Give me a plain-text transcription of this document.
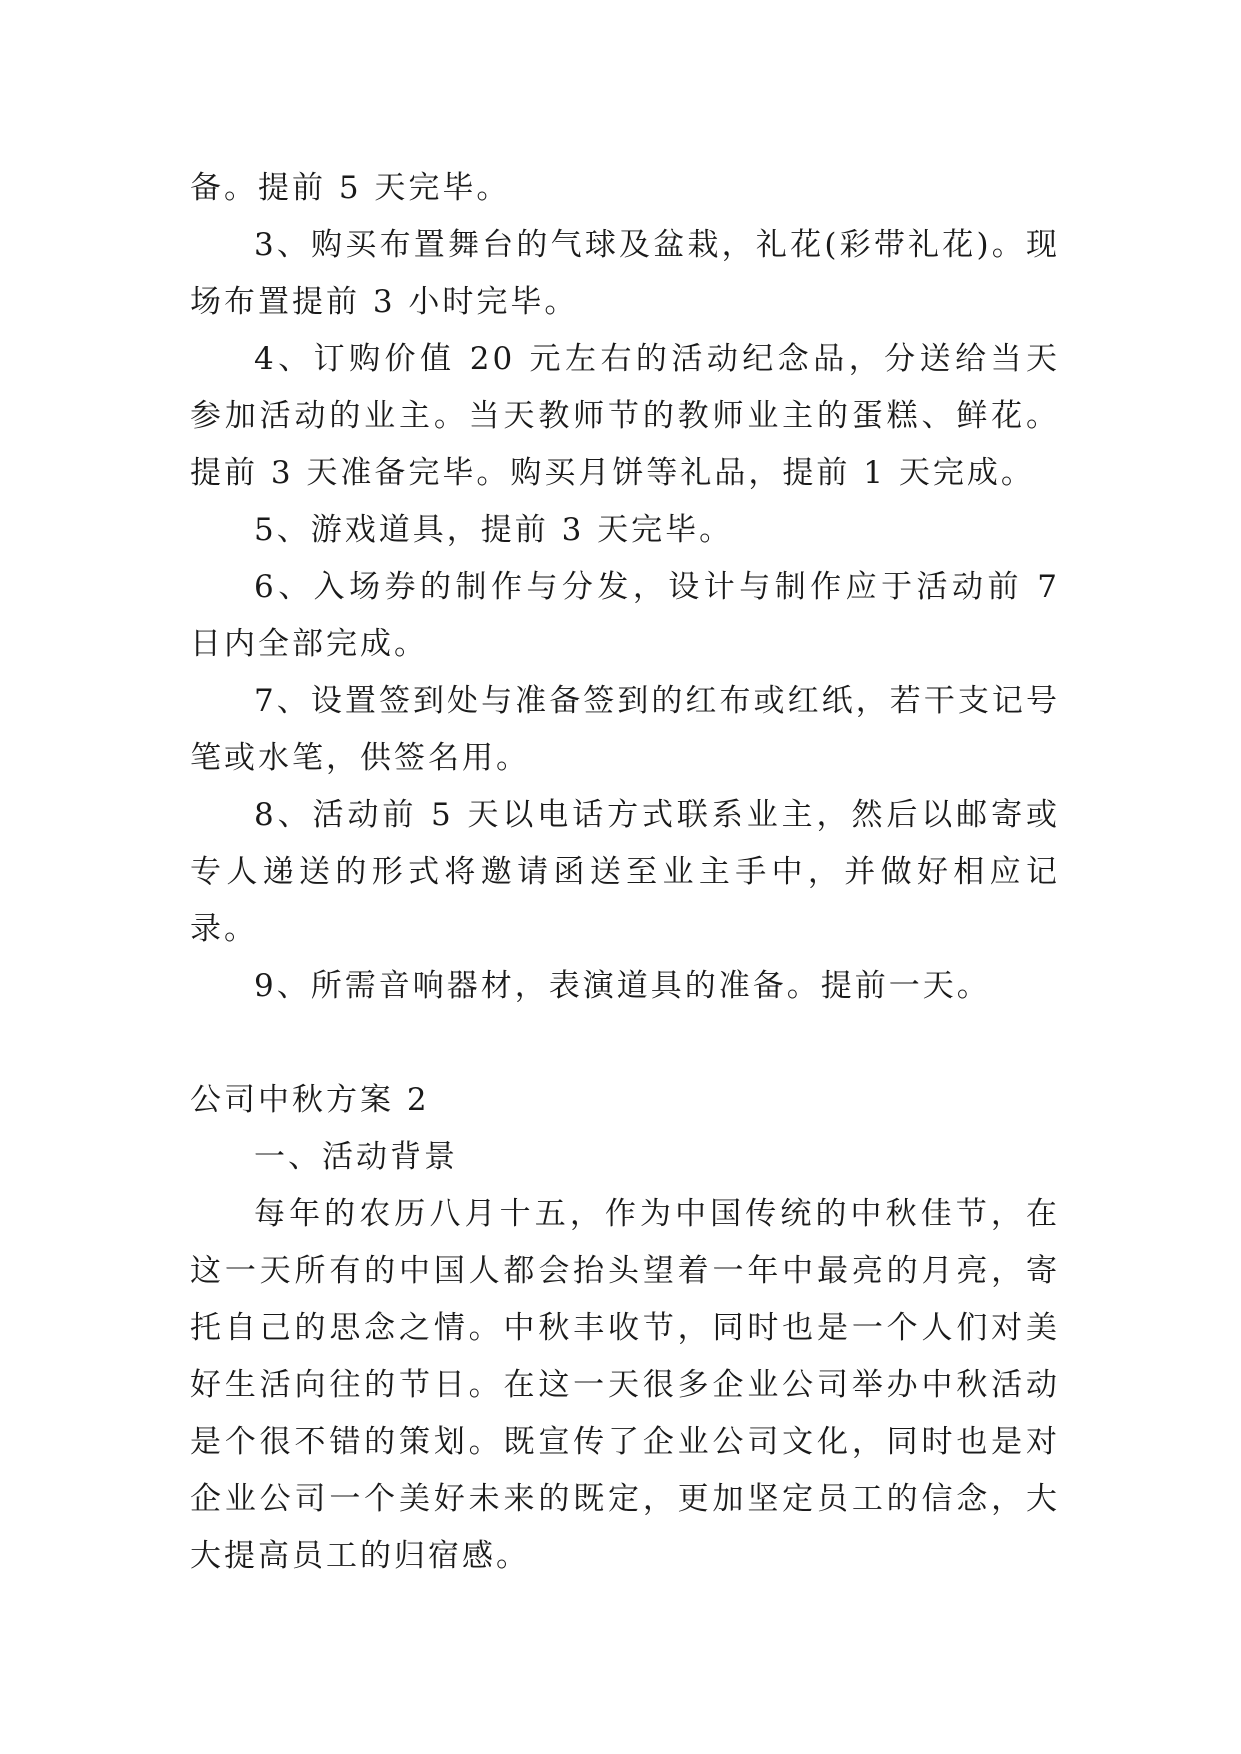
备。提前 5 天完毕。

3、购买布置舞台的气球及盆栽，礼花(彩带礼花)。现场布置提前 3 小时完毕。

4、订购价值 20 元左右的活动纪念品，分送给当天参加活动的业主。当天教师节的教师业主的蛋糕、鲜花。提前 3 天准备完毕。购买月饼等礼品，提前 1 天完成。

5、游戏道具，提前 3 天完毕。

6、入场券的制作与分发，设计与制作应于活动前 7 日内全部完成。

7、设置签到处与准备签到的红布或红纸，若干支记号笔或水笔，供签名用。

8、活动前 5 天以电话方式联系业主，然后以邮寄或专人递送的形式将邀请函送至业主手中，并做好相应记录。

9、所需音响器材，表演道具的准备。提前一天。

公司中秋方案 2

一、活动背景

每年的农历八月十五，作为中国传统的中秋佳节，在这一天所有的中国人都会抬头望着一年中最亮的月亮，寄托自己的思念之情。中秋丰收节，同时也是一个人们对美好生活向往的节日。在这一天很多企业公司举办中秋活动是个很不错的策划。既宣传了企业公司文化，同时也是对企业公司一个美好未来的既定，更加坚定员工的信念，大大提高员工的归宿感。
